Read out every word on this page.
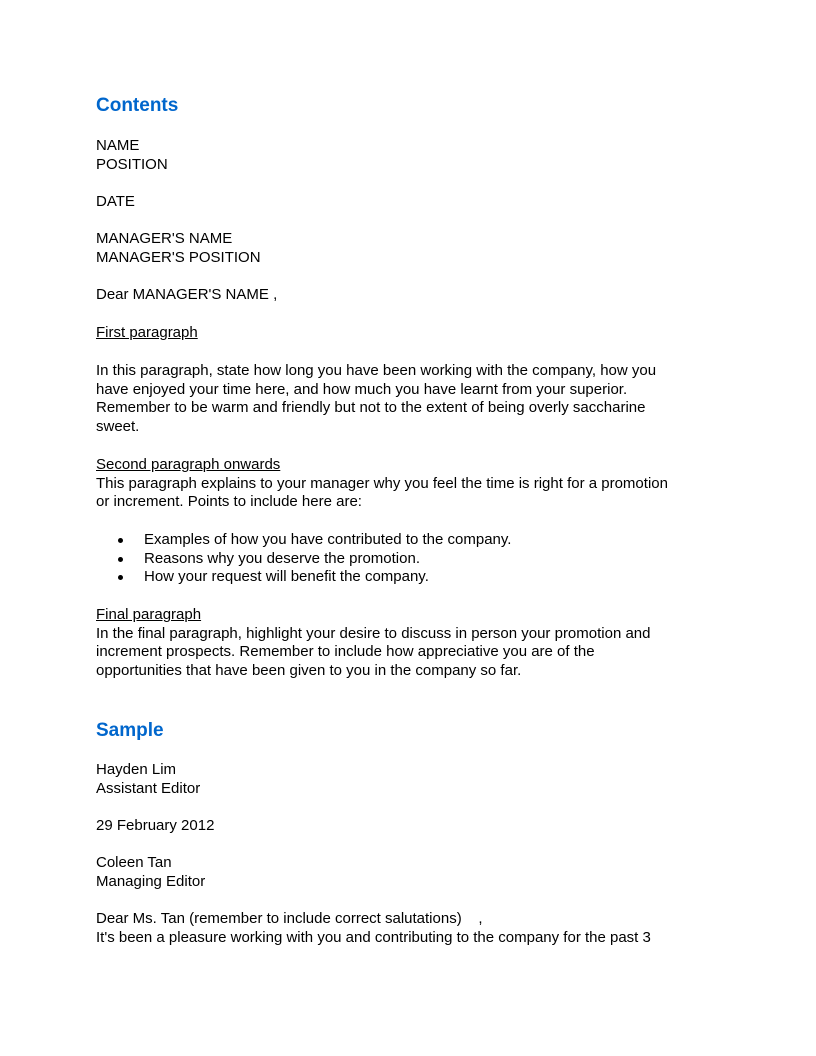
Contents
NAME
POSITION
DATE
MANAGER'S NAME
MANAGER'S POSITION
Dear MANAGER'S NAME ,
First paragraph
In this paragraph, state how long you have been working with the company, how you
have enjoyed your time here, and how much you have learnt from your superior.
Remember to be warm and friendly but not to the extent of being overly saccharine
sweet.
Second paragraph onwards
This paragraph explains to your manager why you feel the time is right for a promotion
or increment. Points to include here are:
Examples of how you have contributed to the company.
Reasons why you deserve the promotion.
How your request will benefit the company.
Final paragraph
In the final paragraph, highlight your desire to discuss in person your promotion and
increment prospects. Remember to include how appreciative you are of the
opportunities that have been given to you in the company so far.
Sample
Hayden Lim
Assistant Editor
29 February 2012
Coleen Tan
Managing Editor
Dear Ms. Tan (remember to include correct salutations)    ,
It's been a pleasure working with you and contributing to the company for the past 3
